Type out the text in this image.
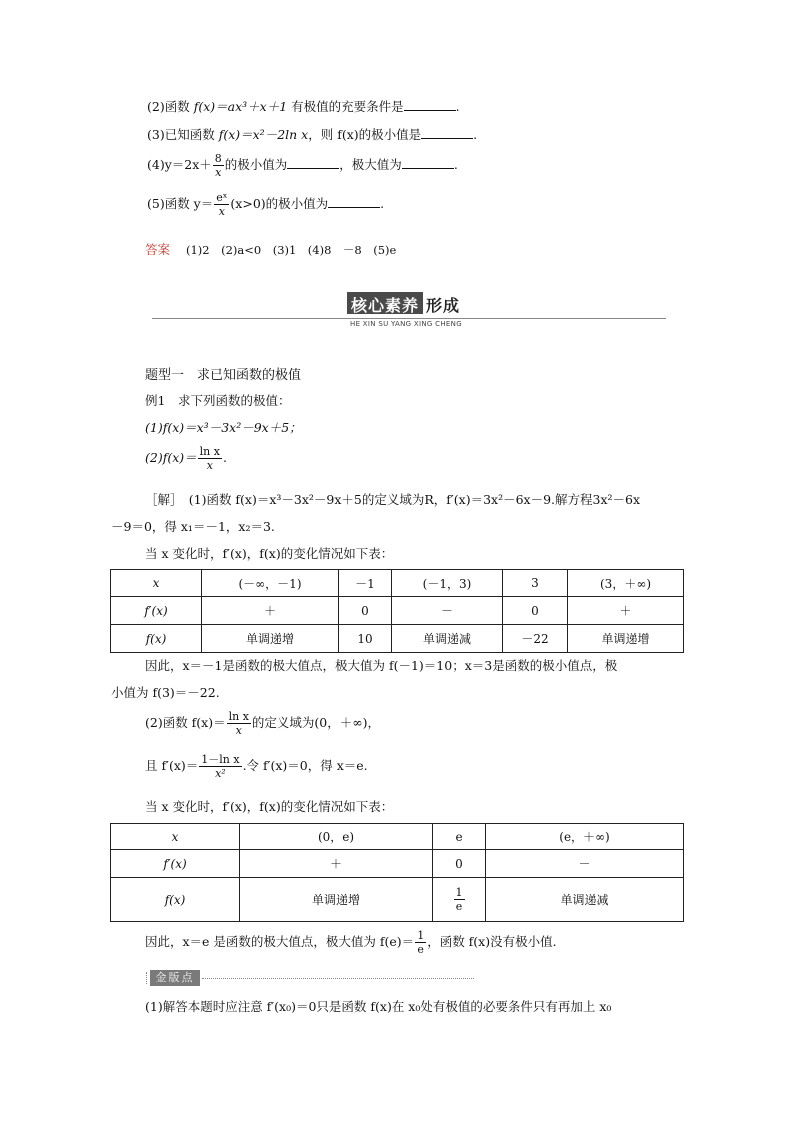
(2)函数 f(x)＝ax³＋x＋1 有极值的充要条件是	.
(3)已知函数 f(x)＝x²－2ln x，则 f(x)的极小值是	.
$(4)y=2x+ \frac{8}{x}$ 的极小值为	，极大值为	.
(5)函数 $y= \frac{\text{eˣ}}{x} (x>0)$的极小值为	.
答案 (1)2　(2)a<0　(3)1　(4)8　－8　(5)e
核心素养 形成
HE XIN SU YANG XING CHENG
题型一　求已知函数的极值
例1　求下列函数的极值：
(1)f(x)＝x³－3x²－9x＋5；
$(2)f(x)= \frac{\text{ln x}}{x}$ .
［解］　(1)函数 f(x)＝x³－3x²－9x＋5的定义域为R，f′(x)＝3x²－6x－9.解方程3x²－6x
－9＝0，得 x₁＝－1，x₂＝3.
当 x 变化时，f′(x)，f(x)的变化情况如下表：
x	(－∞，－1)	－1	(－1，3)	3	(3，＋∞)
f′(x)	＋	0	－	0	＋
f(x)	单调递增	10	单调递减	－22	单调递增
因此，x＝－1是函数的极大值点，极大值为 f(－1)＝10；x＝3是函数的极小值点，极
小值为 f(3)＝－22.
(2)函数 $f(x)= \frac{\text{ln x}}{x}$ 的定义域为(0，＋∞)，
且 $f'(x)= \frac{\text{1－ln x}}{\text{x²}}$ .令 f′(x)＝0，得 x＝e.
当 x 变化时，f′(x)，f(x)的变化情况如下表：
x	(0，e)	e	(e，＋∞)
f′(x)	＋	0	－
f(x)	单调递增	$\frac{1}{e}$	单调递减
因此，x＝e 是函数的极大值点，极大值为 $f(e)= \frac{1}{e}$ ，函数 f(x)没有极小值.
金版点睛
(1)解答本题时应注意 f′(x₀)＝0只是函数 f(x)在 x₀处有极值的必要条件只有再加上 x₀
